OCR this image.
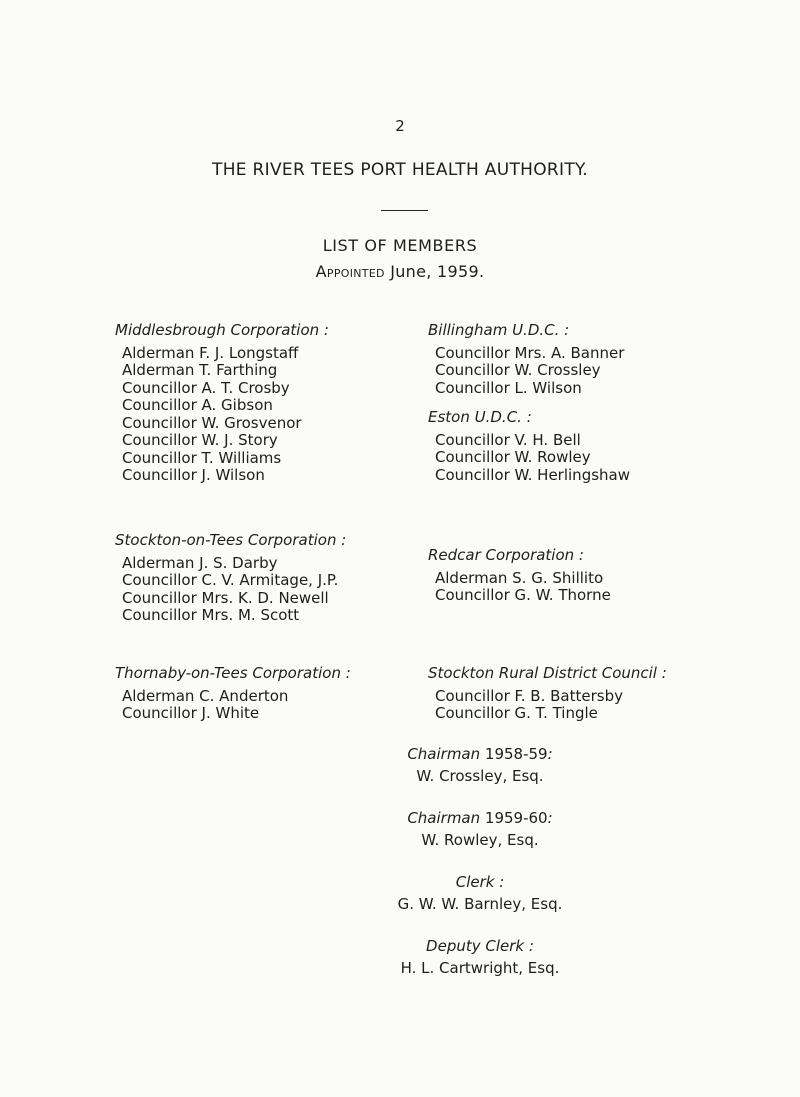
2
THE RIVER TEES PORT HEALTH AUTHORITY.
LIST OF MEMBERS
Appointed June, 1959.
Middlesbrough Corporation :
Alderman F. J. Longstaff
Alderman T. Farthing
Councillor A. T. Crosby
Councillor A. Gibson
Councillor W. Grosvenor
Councillor W. J. Story
Councillor T. Williams
Councillor J. Wilson
Billingham U.D.C. :
Councillor Mrs. A. Banner
Councillor W. Crossley
Councillor L. Wilson
Eston U.D.C. :
Councillor V. H. Bell
Councillor W. Rowley
Councillor W. Herlingshaw
Stockton-on-Tees Corporation :
Alderman J. S. Darby
Councillor C. V. Armitage, J.P.
Councillor Mrs. K. D. Newell
Councillor Mrs. M. Scott
Redcar Corporation :
Alderman S. G. Shillito
Councillor G. W. Thorne
Thornaby-on-Tees Corporation :
Alderman C. Anderton
Councillor J. White
Stockton Rural District Council :
Councillor F. B. Battersby
Councillor G. T. Tingle
Chairman 1958-59:
W. Crossley, Esq.
Chairman 1959-60:
W. Rowley, Esq.
Clerk :
G. W. W. Barnley, Esq.
Deputy Clerk :
H. L. Cartwright, Esq.
